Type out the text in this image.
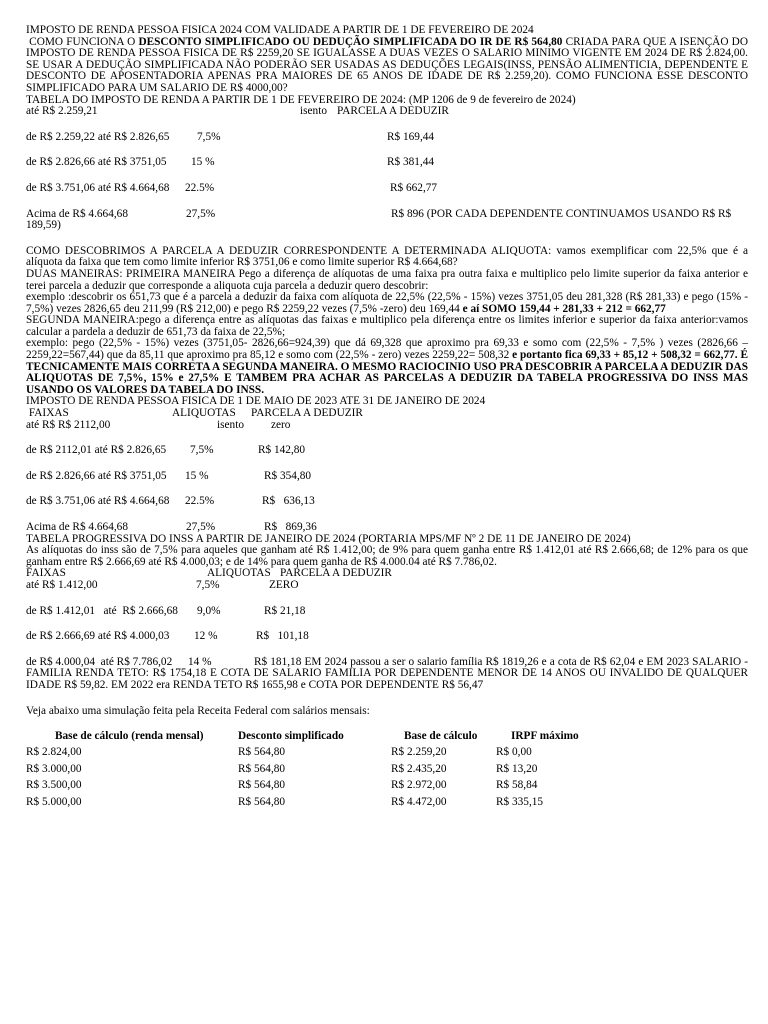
IMPOSTO DE RENDA PESSOA FISICA 2024 COM VALIDADE A PARTIR DE 1 DE FEVEREIRO DE 2024

COMO FUNCIONA O DESCONTO SIMPLIFICADO OU DEDUÇÃO SIMPLIFICADA DO IR DE R$ 564,80 CRIADA PARA QUE A ISENÇÃO DO IMPOSTO DE RENDA PESSOA FISICA DE R$ 2259,20 SE IGUALASSE A DUAS VEZES O SALARIO MINIMO VIGENTE EM 2024 DE R$ 2.824,00. SE USAR A DEDUÇÃO SIMPLIFICADA NÃO PODERÃO SER USADAS AS DEDUÇÕES LEGAIS(INSS, PENSÃO ALIMENTICIA, DEPENDENTE E DESCONTO DE APOSENTADORIA APENAS PRA MAIORES DE 65 ANOS DE IDADE DE R$ 2.259,20). COMO FUNCIONA ESSE DESCONTO SIMPLIFICADO PARA UM SALARIO DE R$ 4000,00?

TABELA DO IMPOSTO DE RENDA A PARTIR DE 1 DE FEVEREIRO DE 2024: (MP 1206 de 9 de fevereiro de 2024)

até R$ 2.259,21	isento PARCELA A DEDUZIR
de R$ 2.259,22 até R$ 2.826,65 7,5%	R$ 169,44
de R$ 2.826,66 até R$ 3751,05 15 %	R$ 381,44
de R$ 3.751,06 até R$ 4.664,68 22.5%	R$ 662,77
Acima de R$ 4.664,68	27,5%	R$ 896 (POR CADA DEPENDENTE CONTINUAMOS USANDO R$ R$ 189,59)

COMO DESCOBRIMOS A PARCELA A DEDUZIR CORRESPONDENTE A DETERMINADA ALIQUOTA: vamos exemplificar com 22,5% que é a alíquota da faixa que tem como limite inferior R$ 3751,06 e como limite superior R$ 4.664,68?

DUAS MANEIRAS: PRIMEIRA MANEIRA Pego a diferença de alíquotas de uma faixa pra outra faixa e multiplico pelo limite superior da faixa anterior e terei parcela a deduzir que corresponde a aliquota cuja parcela a deduzir quero descobrir:

exemplo :descobrir os 651,73 que é a parcela a deduzir da faixa com alíquota de 22,5% (22,5% - 15%) vezes 3751,05 deu 281,328 (R$ 281,33) e pego (15% - 7,5%) vezes 2826,65 deu 211,99 (R$ 212,00) e pego R$ 2259,22 vezes (7,5% -zero) deu 169,44 e aí SOMO 159,44 + 281,33 + 212 = 662,77

SEGUNDA MANEIRA:pego a diferença entre as alíquotas das faixas e multiplico pela diferença entre os limites inferior e superior da faixa anterior:vamos calcular a pardela a deduzir de 651,73 da faixa de 22,5%;

exemplo: pego (22,5% - 15%) vezes (3751,05- 2826,66=924,39) que dá 69,328 que aproximo pra 69,33 e somo com (22,5% - 7,5% ) vezes (2826,66 – 2259,22=567,44) que da 85,11 que aproximo pra 85,12 e somo com (22,5% - zero) vezes 2259,22= 508,32 e portanto fica 69,33 + 85,12 + 508,32 = 662,77. É TECNICAMENTE MAIS CORRETA A SEGUNDA MANEIRA. O MESMO RACIOCINIO USO PRA DESCOBRIR A PARCELA A DEDUZIR DAS ALIQUOTAS DE 7,5%, 15% e 27,5% E TAMBEM PRA ACHAR AS PARCELAS A DEDUZIR DA TABELA PROGRESSIVA DO INSS MAS USANDO OS VALORES DA TABELA DO INSS.

IMPOSTO DE RENDA PESSOA FISICA DE 1 DE MAIO DE 2023 ATE 31 DE JANEIRO DE 2024

FAIXAS	ALIQUOTAS PARCELA A DEDUZIR
até R$ R$ 2112,00	isento zero
de R$ 2112,01 até R$ 2.826,65 7,5%	R$ 142,80
de R$ 2.826,66 até R$ 3751,05 15 %	R$ 354,80
de R$ 3.751,06 até R$ 4.664,68 22.5%	R$   636,13
Acima de R$ 4.664,68	27,5%	R$   869,36

TABELA PROGRESSIVA DO INSS A PARTIR DE JANEIRO DE 2024 (PORTARIA MPS/MF Nº 2 DE 11 DE JANEIRO DE 2024)

As alíquotas do inss são de 7,5% para aqueles que ganham até R$ 1.412,00; de 9% para quem ganha entre R$ 1.412,01 até R$ 2.666,68; de 12% para os que ganham entre R$ 2.666,69 até R$ 4.000,03; e de 14% para quem ganha de R$ 4.000.04 até R$ 7.786,02.

FAIXAS	ALIQUOTAS PARCELA A DEDUZIR
até R$ 1.412,00	7,5%	ZERO
de R$ 1.412,01   até  R$ 2.666,68 9,0%	R$ 21,18
de R$ 2.666,69 até R$ 4.000,03 12 %	R$   101,18
de R$ 4.000,04  até R$ 7.786,02 14 %	R$ 181,18 EM 2024 passou a ser o salario família R$ 1819,26 e a cota de R$ 62,04 e EM 2023 SALARIO -FAMILIA RENDA TETO: R$ 1754,18 E COTA DE SALARIO FAMILIA POR DEPENDENTE MENOR DE 14 ANOS OU INVALIDO DE QUALQUER IDADE R$ 59,82. EM 2022 era RENDA TETO R$ 1655,98 e COTA POR DEPENDENTE R$ 56,47

Veja abaixo uma simulação feita pela Receita Federal com salários mensais:

Base de cálculo (renda mensal)	Desconto simplificado	Base de cálculo	IRPF máximo
R$ 2.824,00	R$ 564,80	R$ 2.259,20	R$ 0,00
R$ 3.000,00	R$ 564,80	R$ 2.435,20	R$ 13,20
R$ 3.500,00	R$ 564,80	R$ 2.972,00	R$ 58,84
R$ 5.000,00	R$ 564,80	R$ 4.472,00	R$ 335,15
